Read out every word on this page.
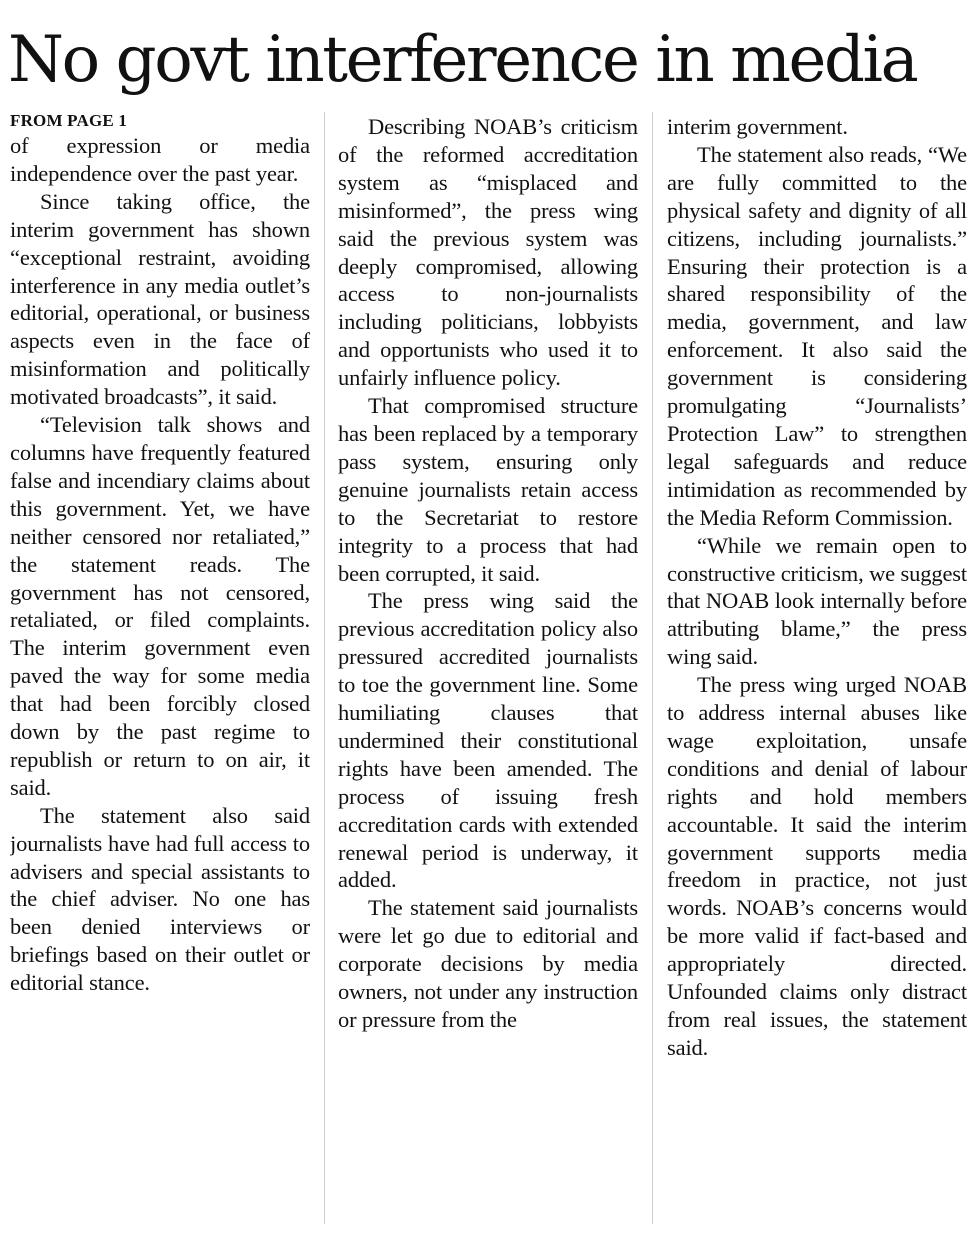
No govt interference in media

FROM PAGE 1

of expression or media independence over the past year.

Since taking office, the interim government has shown “exceptional restraint, avoiding interference in any media outlet’s editorial, operational, or business aspects even in the face of misinformation and politically motivated broadcasts”, it said.

“Television talk shows and columns have frequently featured false and incendiary claims about this government. Yet, we have neither censored nor retaliated,” the statement reads. The government has not censored, retaliated, or filed complaints. The interim government even paved the way for some media that had been forcibly closed down by the past regime to republish or return to on air, it said.

The statement also said journalists have had full access to advisers and special assistants to the chief adviser. No one has been denied interviews or briefings based on their outlet or editorial stance.

Describing NOAB’s criticism of the reformed accreditation system as “misplaced and misinformed”, the press wing said the previous system was deeply compromised, allowing access to non-journalists including politicians, lobbyists and opportunists who used it to unfairly influence policy.

That compromised structure has been replaced by a temporary pass system, ensuring only genuine journalists retain access to the Secretariat to restore integrity to a process that had been corrupted, it said.

The press wing said the previous accreditation policy also pressured accredited journalists to toe the government line. Some humiliating clauses that undermined their constitutional rights have been amended. The process of issuing fresh accreditation cards with extended renewal period is underway, it added.

The statement said journalists were let go due to editorial and corporate decisions by media owners, not under any instruction or pressure from the

interim government.

The statement also reads, “We are fully committed to the physical safety and dignity of all citizens, including journalists.” Ensuring their protection is a shared responsibility of the media, government, and law enforcement. It also said the government is considering promulgating “Journalists’ Protection Law” to strengthen legal safeguards and reduce intimidation as recommended by the Media Reform Commission.

“While we remain open to constructive criticism, we suggest that NOAB look internally before attributing blame,” the press wing said.

The press wing urged NOAB to address internal abuses like wage exploitation, unsafe conditions and denial of labour rights and hold members accountable. It said the interim government supports media freedom in practice, not just words. NOAB’s concerns would be more valid if fact-based and appropriately directed. Unfounded claims only distract from real issues, the statement said.
